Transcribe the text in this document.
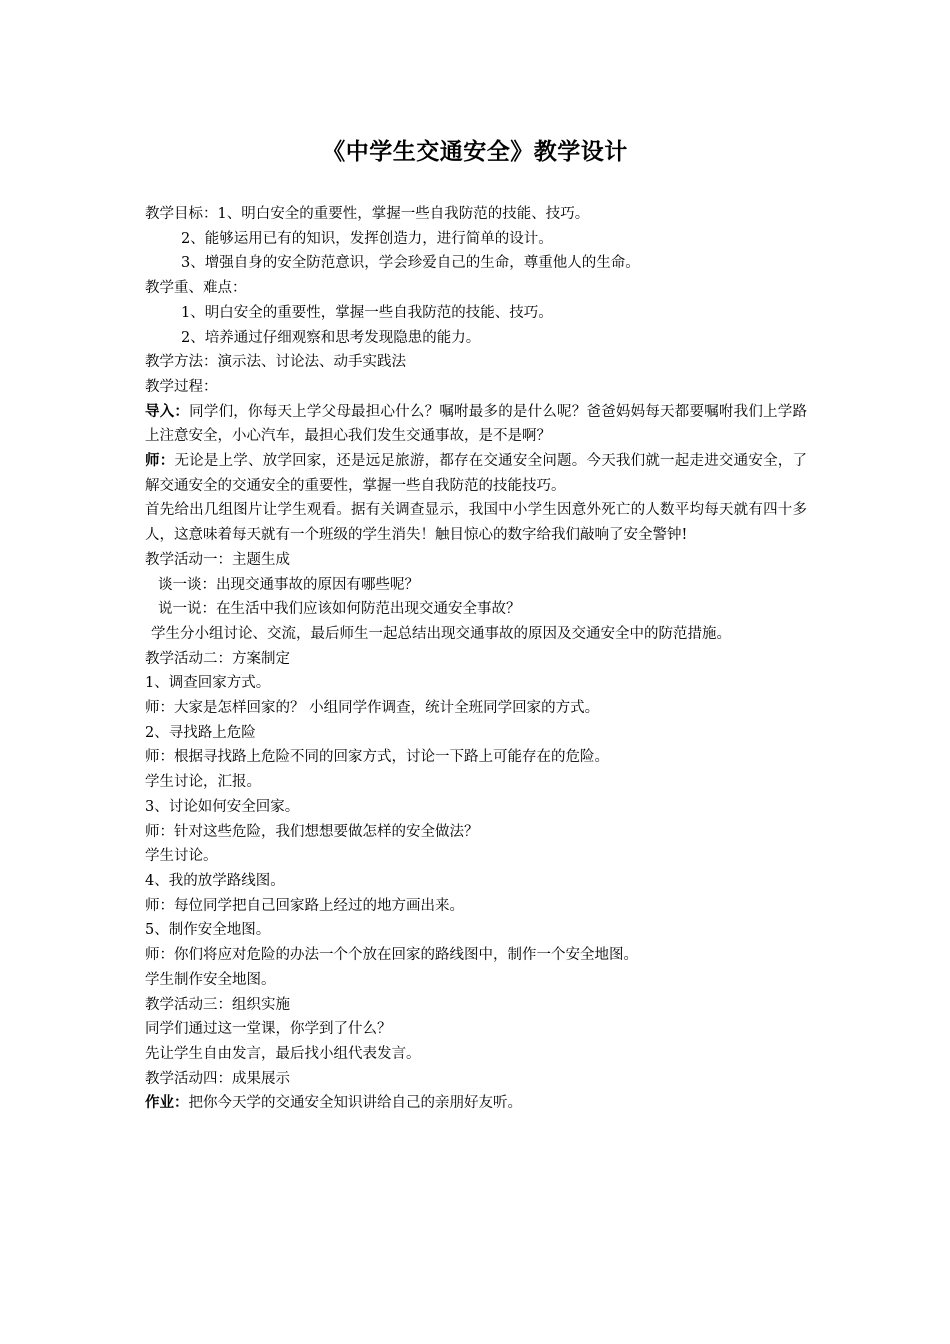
《中学生交通安全》教学设计

教学目标：1、明白安全的重要性，掌握一些自我防范的技能、技巧。

2、能够运用已有的知识，发挥创造力，进行简单的设计。

3、增强自身的安全防范意识，学会珍爱自己的生命，尊重他人的生命。

教学重、难点：

1、明白安全的重要性，掌握一些自我防范的技能、技巧。

2、培养通过仔细观察和思考发现隐患的能力。

教学方法：演示法、讨论法、动手实践法

教学过程：

导入：同学们，你每天上学父母最担心什么？嘱咐最多的是什么呢？爸爸妈妈每天都要嘱咐我们上学路上注意安全，小心汽车，最担心我们发生交通事故，是不是啊？

师：无论是上学、放学回家，还是远足旅游，都存在交通安全问题。今天我们就一起走进交通安全，了解交通安全的交通安全的重要性，掌握一些自我防范的技能技巧。

首先给出几组图片让学生观看。据有关调查显示，我国中小学生因意外死亡的人数平均每天就有四十多人，这意味着每天就有一个班级的学生消失！触目惊心的数字给我们敲响了安全警钟!

教学活动一：主题生成

谈一谈：出现交通事故的原因有哪些呢？

说一说：在生活中我们应该如何防范出现交通安全事故？

学生分小组讨论、交流，最后师生一起总结出现交通事故的原因及交通安全中的防范措施。

教学活动二：方案制定

1、调查回家方式。

师：大家是怎样回家的？ 小组同学作调查，统计全班同学回家的方式。

2、寻找路上危险

师：根据寻找路上危险不同的回家方式，讨论一下路上可能存在的危险。

学生讨论，汇报。

3、讨论如何安全回家。

师：针对这些危险，我们想想要做怎样的安全做法？

学生讨论。

4、我的放学路线图。

师：每位同学把自己回家路上经过的地方画出来。

5、制作安全地图。

师：你们将应对危险的办法一个个放在回家的路线图中，制作一个安全地图。

学生制作安全地图。

教学活动三：组织实施

同学们通过这一堂课，你学到了什么？

先让学生自由发言，最后找小组代表发言。

教学活动四：成果展示

作业：把你今天学的交通安全知识讲给自己的亲朋好友听。
